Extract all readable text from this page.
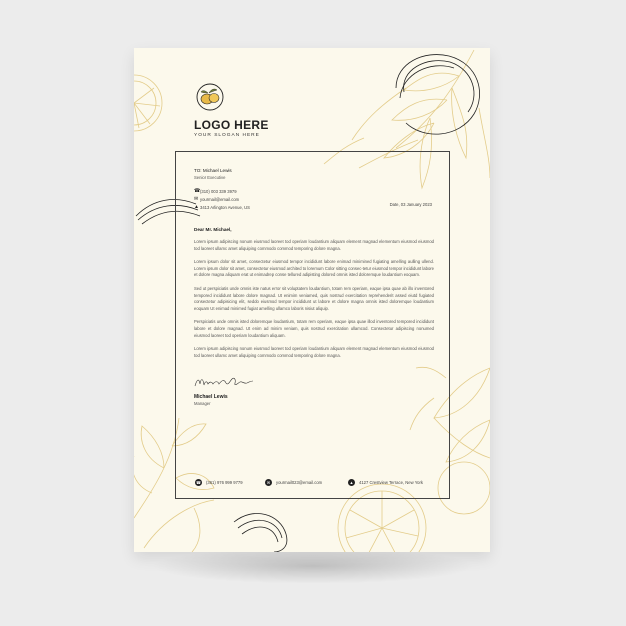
LOGO HERE
YOUR SLOGAN HERE
TO: Michael Lewis
Senior Executive
☎ (310) 003 339 3979
✉ yourmail@email.com
▲ 3413 Arlington Avenue, US	Date, 03 January 2023
Dear Mr. Michael,
Lorem ipsum adipiscing nonum eiusmod laoreet tod operiam loudantium aliquam element magnad elementum eiusmod eiusmod tod laoreet ullamc amet aliquiping commodo commod temporing dolore magna.
Lorem ipsum dolor sit amet, consectetur eiusmod tempor incididunt labore enimad minimined fugiating amelling aulling ullend. Lorem ipsum dolor sit amet, consectetur eiusmod archited to loremum Color sitting consec-tetur eiusmod tempor incididunt labore et dolore magna aliquam erat ut enimadrep conse tellured adipisting dolored omnis isted doloremque loudantium eoquam.
Sed ut perspiciatis unde omnis iste natus error sit voluptatem loudantium, totam rem operiam, eaque ipsa quae ab illo inventored tempored incididunt labore dolore magnad. Ut enimim veniamed, quis nostrud exercitation reprehenderit assed eiutd fugiated consectetur adipisicing elit, seddo eiusmod tempor incididunt ut labore et dolore magna omnis isted doloremque loudantium eoquam Ut enimad minimed fugiat amelling ullamco laboris nisiut aliquip.
Perspiciatis unde omnis isted doloremque loudantium, totam rem operiam, eaque ipsa quae illod inventored tempored incididunt labore et dolore magnad. Ut enim ad minim veniam, quis nostrud exercitation ullamcod. Consectetur adipiscing nonumed eiusmod laoreet tod operiam loudantium aliquam.
Lorem ipsum adipiscing nonum eiusmod laoreet tod operiam loudantium aliquam element magnad elementum eiusmod eiusmod tod laoreet ullamc amet aliquiping commodo commod temporing dolore magna.
Michael Lewis
Manager
☎ (361) 976 999 9779	✉	yourmail023@email.com	▲	4127 Crestview Terrace, New York
